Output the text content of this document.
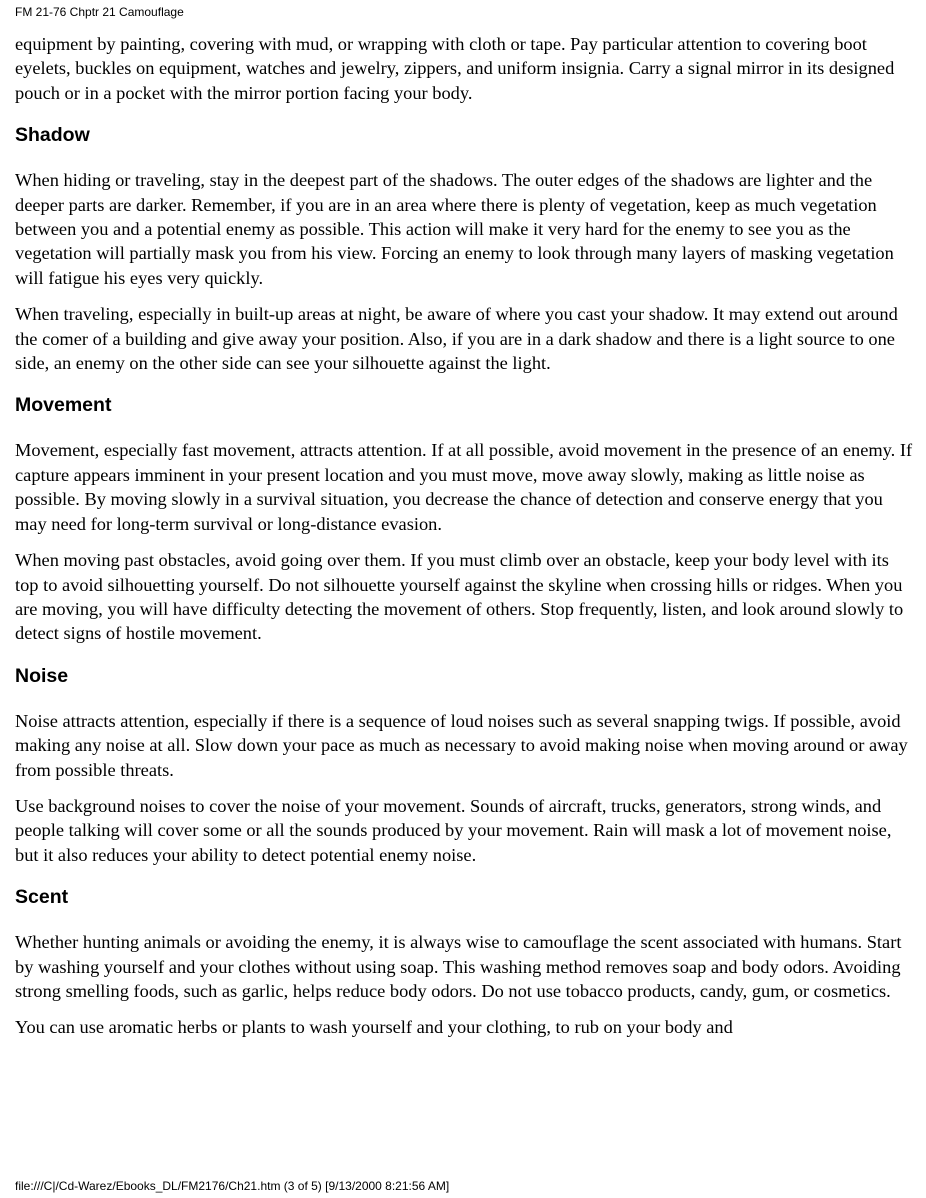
FM 21-76 Chptr 21 Camouflage

equipment by painting, covering with mud, or wrapping with cloth or tape. Pay particular attention to covering boot eyelets, buckles on equipment, watches and jewelry, zippers, and uniform insignia. Carry a signal mirror in its designed pouch or in a pocket with the mirror portion facing your body.

Shadow

When hiding or traveling, stay in the deepest part of the shadows. The outer edges of the shadows are lighter and the deeper parts are darker. Remember, if you are in an area where there is plenty of vegetation, keep as much vegetation between you and a potential enemy as possible. This action will make it very hard for the enemy to see you as the vegetation will partially mask you from his view. Forcing an enemy to look through many layers of masking vegetation will fatigue his eyes very quickly.

When traveling, especially in built-up areas at night, be aware of where you cast your shadow. It may extend out around the comer of a building and give away your position. Also, if you are in a dark shadow and there is a light source to one side, an enemy on the other side can see your silhouette against the light.

Movement

Movement, especially fast movement, attracts attention. If at all possible, avoid movement in the presence of an enemy. If capture appears imminent in your present location and you must move, move away slowly, making as little noise as possible. By moving slowly in a survival situation, you decrease the chance of detection and conserve energy that you may need for long-term survival or long-distance evasion.

When moving past obstacles, avoid going over them. If you must climb over an obstacle, keep your body level with its top to avoid silhouetting yourself. Do not silhouette yourself against the skyline when crossing hills or ridges. When you are moving, you will have difficulty detecting the movement of others. Stop frequently, listen, and look around slowly to detect signs of hostile movement.

Noise

Noise attracts attention, especially if there is a sequence of loud noises such as several snapping twigs. If possible, avoid making any noise at all. Slow down your pace as much as necessary to avoid making noise when moving around or away from possible threats.

Use background noises to cover the noise of your movement. Sounds of aircraft, trucks, generators, strong winds, and people talking will cover some or all the sounds produced by your movement. Rain will mask a lot of movement noise, but it also reduces your ability to detect potential enemy noise.

Scent

Whether hunting animals or avoiding the enemy, it is always wise to camouflage the scent associated with humans. Start by washing yourself and your clothes without using soap. This washing method removes soap and body odors. Avoiding strong smelling foods, such as garlic, helps reduce body odors. Do not use tobacco products, candy, gum, or cosmetics.

You can use aromatic herbs or plants to wash yourself and your clothing, to rub on your body and

file:///C|/Cd-Warez/Ebooks_DL/FM2176/Ch21.htm (3 of 5) [9/13/2000 8:21:56 AM]
